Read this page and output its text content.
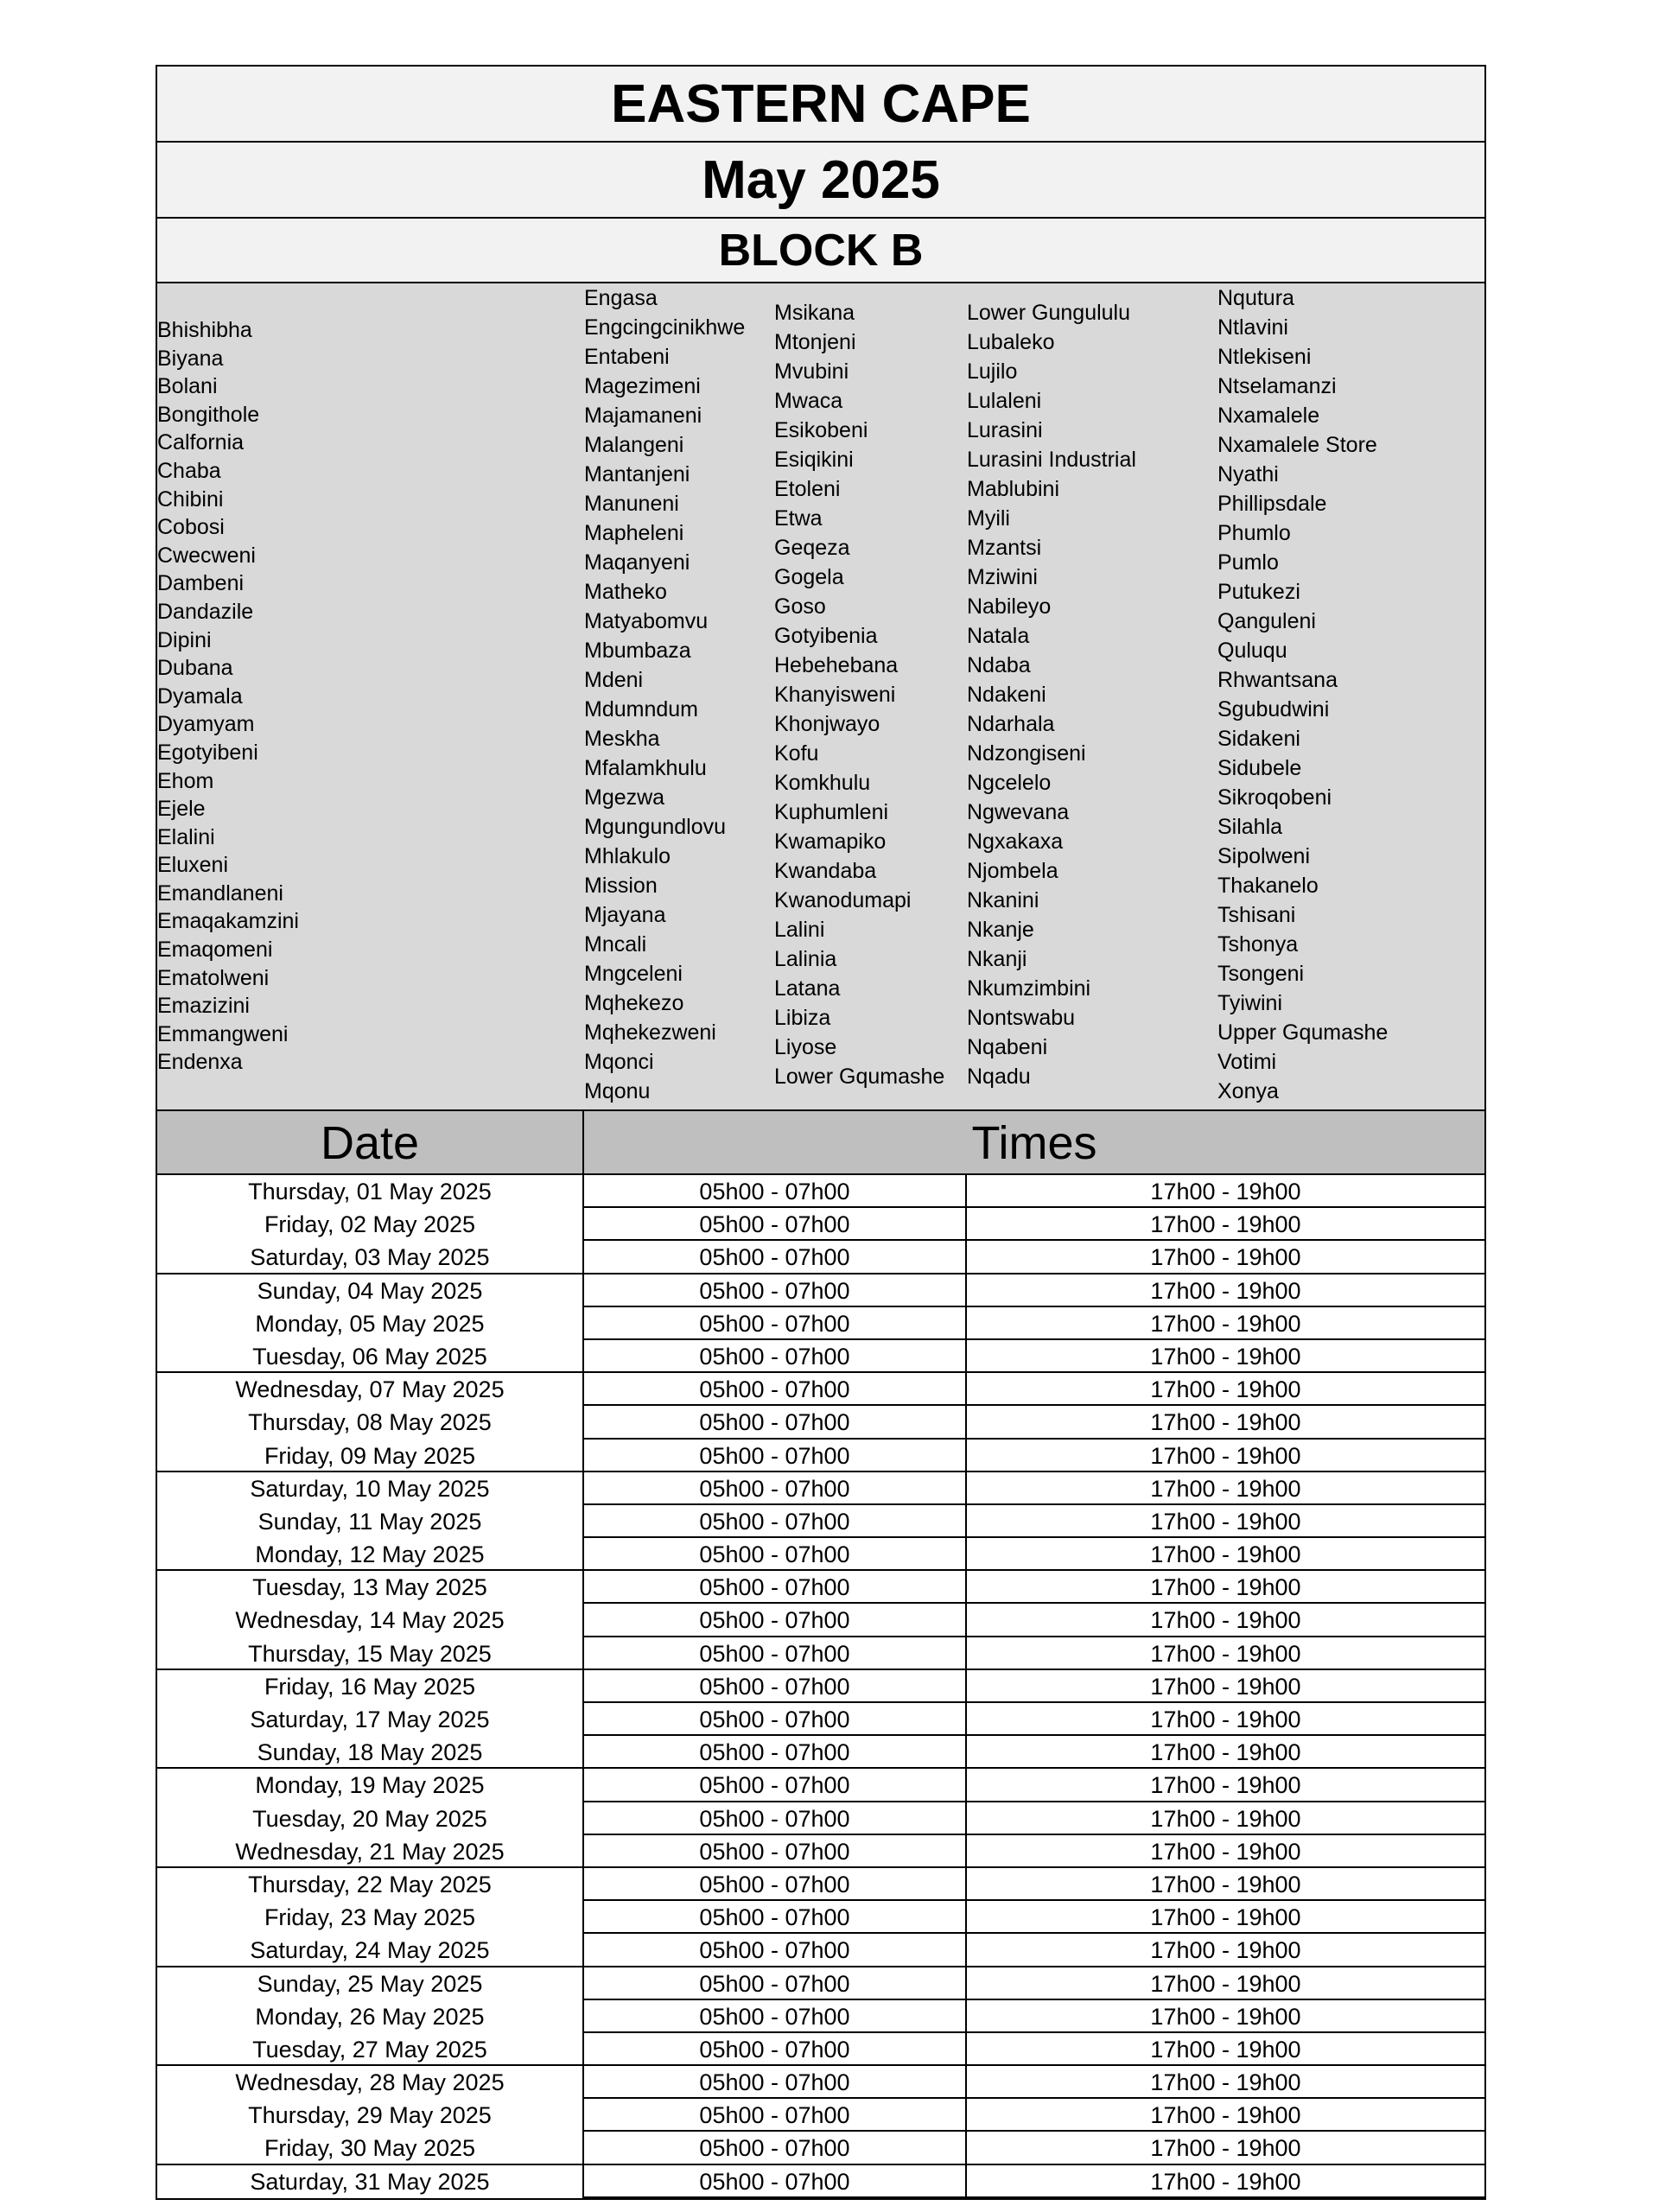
EASTERN CAPE
May 2025
BLOCK B
Bhishibha
Biyana
Bolani
Bongithole
Calfornia
Chaba
Chibini
Cobosi
Cwecweni
Dambeni
Dandazile
Dipini
Dubana
Dyamala
Dyamyam
Egotyibeni
Ehom
Ejele
Elalini
Eluxeni
Emandlaneni
Emaqakamzini
Emaqomeni
Ematolweni
Emazizini
Emmangweni
Endenxa
Engasa
Engcingcinikhwe
Entabeni
Magezimeni
Majamaneni
Malangeni
Mantanjeni
Manuneni
Mapheleni
Maqanyeni
Matheko
Matyabomvu
Mbumbaza
Mdeni
Mdumndum
Meskha
Mfalamkhulu
Mgezwa
Mgungundlovu
Mhlakulo
Mission
Mjayana
Mncali
Mngceleni
Mqhekezo
Mqhekezweni
Mqonci
Mqonu
Msikana
Mtonjeni
Mvubini
Mwaca
Esikobeni
Esiqikini
Etoleni
Etwa
Geqeza
Gogela
Goso
Gotyibenia
Hebehebana
Khanyisweni
Khonjwayo
Kofu
Komkhulu
Kuphumleni
Kwamapiko
Kwandaba
Kwanodumapi
Lalini
Lalinia
Latana
Libiza
Liyose
Lower Gqumashe
Lower Gungululu
Lubaleko
Lujilo
Lulaleni
Lurasini
Lurasini Industrial
Mablubini
Myili
Mzantsi
Mziwini
Nabileyo
Natala
Ndaba
Ndakeni
Ndarhala
Ndzongiseni
Ngcelelo
Ngwevana
Ngxakaxa
Njombela
Nkanini
Nkanje
Nkanji
Nkumzimbini
Nontswabu
Nqabeni
Nqadu
Nqutura
Ntlavini
Ntlekiseni
Ntselamanzi
Nxamalele
Nxamalele Store
Nyathi
Phillipsdale
Phumlo
Pumlo
Putukezi
Qanguleni
Quluqu
Rhwantsana
Sgubudwini
Sidakeni
Sidubele
Sikroqobeni
Silahla
Sipolweni
Thakanelo
Tshisani
Tshonya
Tsongeni
Tyiwini
Upper Gqumashe
Votimi
Xonya
Date	Times
Thursday, 01 May 2025	05h00 - 07h00	17h00 - 19h00
Friday, 02 May 2025	05h00 - 07h00	17h00 - 19h00
Saturday, 03 May 2025	05h00 - 07h00	17h00 - 19h00
Sunday, 04 May 2025	05h00 - 07h00	17h00 - 19h00
Monday, 05 May 2025	05h00 - 07h00	17h00 - 19h00
Tuesday, 06 May 2025	05h00 - 07h00	17h00 - 19h00
Wednesday, 07 May 2025	05h00 - 07h00	17h00 - 19h00
Thursday, 08 May 2025	05h00 - 07h00	17h00 - 19h00
Friday, 09 May 2025	05h00 - 07h00	17h00 - 19h00
Saturday, 10 May 2025	05h00 - 07h00	17h00 - 19h00
Sunday, 11 May 2025	05h00 - 07h00	17h00 - 19h00
Monday, 12 May 2025	05h00 - 07h00	17h00 - 19h00
Tuesday, 13 May 2025	05h00 - 07h00	17h00 - 19h00
Wednesday, 14 May 2025	05h00 - 07h00	17h00 - 19h00
Thursday, 15 May 2025	05h00 - 07h00	17h00 - 19h00
Friday, 16 May 2025	05h00 - 07h00	17h00 - 19h00
Saturday, 17 May 2025	05h00 - 07h00	17h00 - 19h00
Sunday, 18 May 2025	05h00 - 07h00	17h00 - 19h00
Monday, 19 May 2025	05h00 - 07h00	17h00 - 19h00
Tuesday, 20 May 2025	05h00 - 07h00	17h00 - 19h00
Wednesday, 21 May 2025	05h00 - 07h00	17h00 - 19h00
Thursday, 22 May 2025	05h00 - 07h00	17h00 - 19h00
Friday, 23 May 2025	05h00 - 07h00	17h00 - 19h00
Saturday, 24 May 2025	05h00 - 07h00	17h00 - 19h00
Sunday, 25 May 2025	05h00 - 07h00	17h00 - 19h00
Monday, 26 May 2025	05h00 - 07h00	17h00 - 19h00
Tuesday, 27 May 2025	05h00 - 07h00	17h00 - 19h00
Wednesday, 28 May 2025	05h00 - 07h00	17h00 - 19h00
Thursday, 29 May 2025	05h00 - 07h00	17h00 - 19h00
Friday, 30 May 2025	05h00 - 07h00	17h00 - 19h00
Saturday, 31 May 2025	05h00 - 07h00	17h00 - 19h00
